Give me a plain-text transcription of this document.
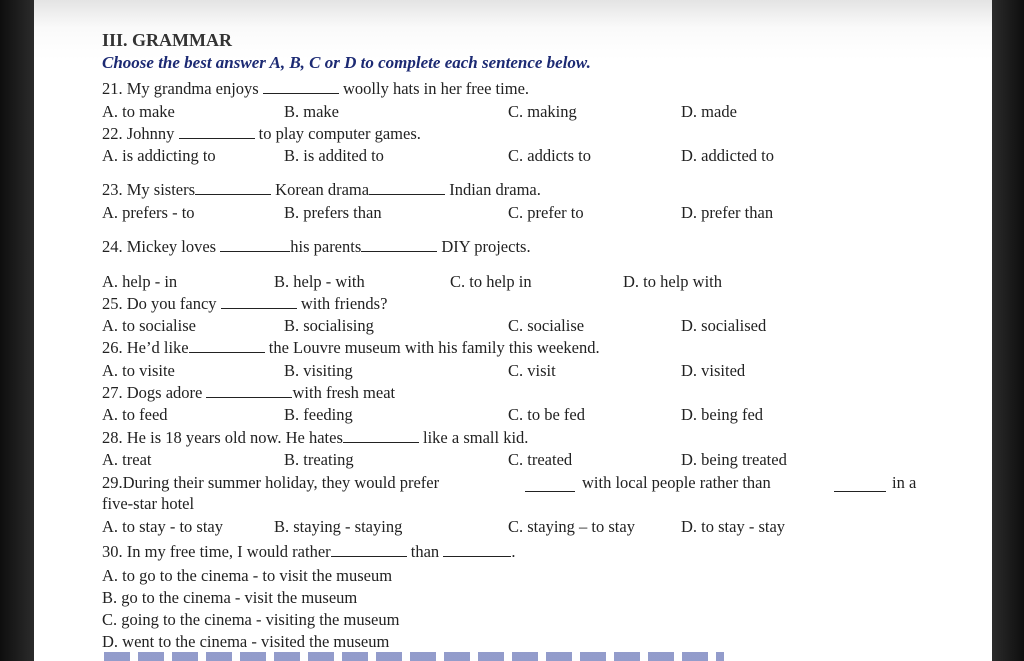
III. GRAMMAR
Choose the best answer A, B, C or D to complete each sentence below.
21. My grandma enjoys	woolly hats in her free time.
A. to make	B. make	C. making	D. made
22. Johnny	to play computer games.
A. is addicting to	B. is addited to	C. addicts to	D. addicted to
23. My sisters	Korean drama	Indian drama.
A. prefers - to	B. prefers than	C. prefer to	D. prefer than
24. Mickey loves	his parents	DIY projects.
A. help - in	B. help - with	C. to help in	D. to help with
25. Do you fancy	with friends?
A. to socialise	B. socialising	C. socialise	D. socialised
26. He’d like	the Louvre museum with his family this weekend.
A. to visite	B. visiting	C. visit	D. visited
27. Dogs adore	with fresh meat
A. to feed	B. feeding	C. to be fed	D. being fed
28. He is 18 years old now. He hates	like a small kid.
A. treat	B. treating	C. treated	D. being treated
29.During their summer holiday, they would prefer	with local people rather than	in a
five-star hotel
A. to stay - to stay	B. staying - staying	C. staying – to stay	D. to stay - stay
30. In my free time, I would rather	than	.
A. to go to the cinema - to visit the museum
B. go to the cinema - visit the museum
C. going to the cinema - visiting the museum
D. went to the cinema - visited the museum
